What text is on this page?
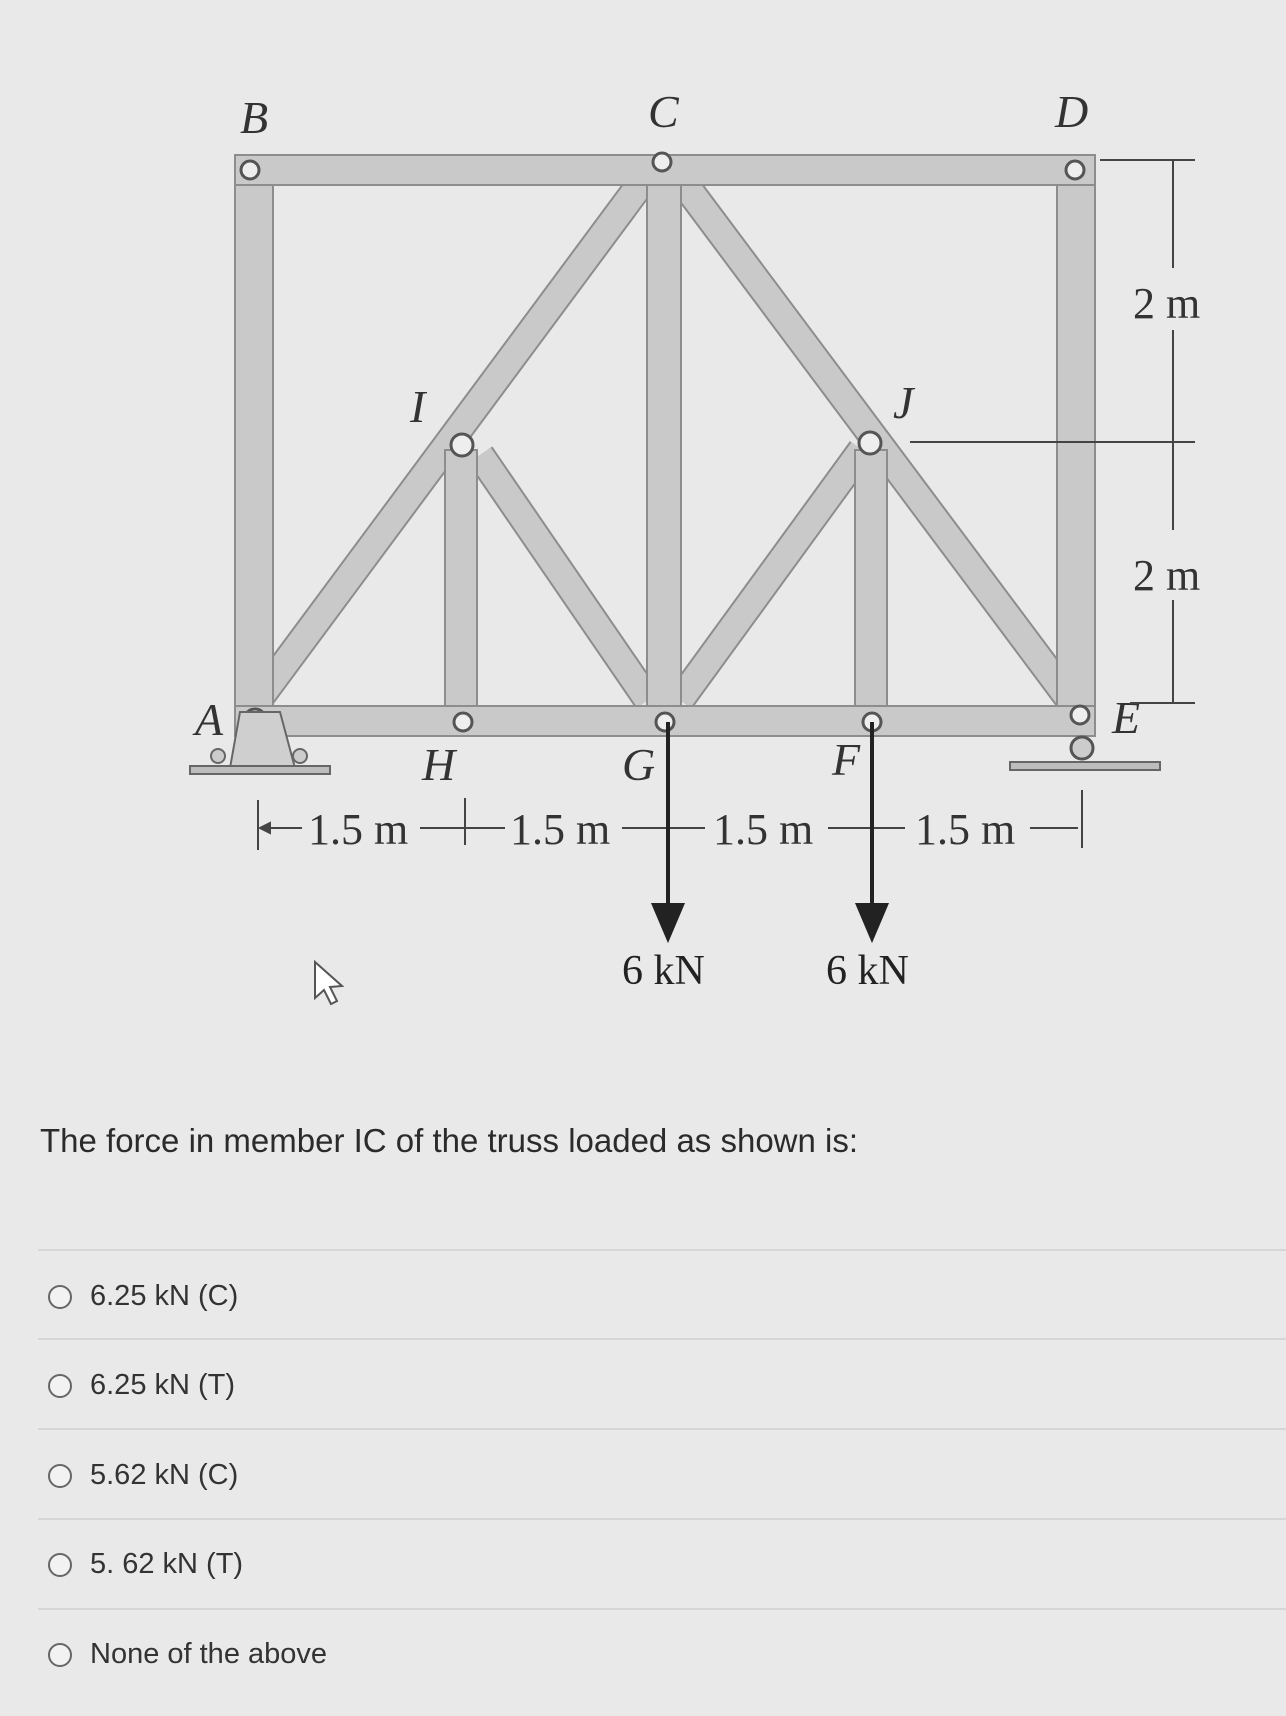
B	C	D
I	J
A
H	G	F
E
1.5 m 1.5 m 1.5 m 1.5 m
2 m
2 m
6 kN	6 kN
The force in member IC of the truss loaded as shown is:
6.25 kN (C)
6.25 kN (T)
5.62 kN (C)
5. 62 kN (T)
None of the above
